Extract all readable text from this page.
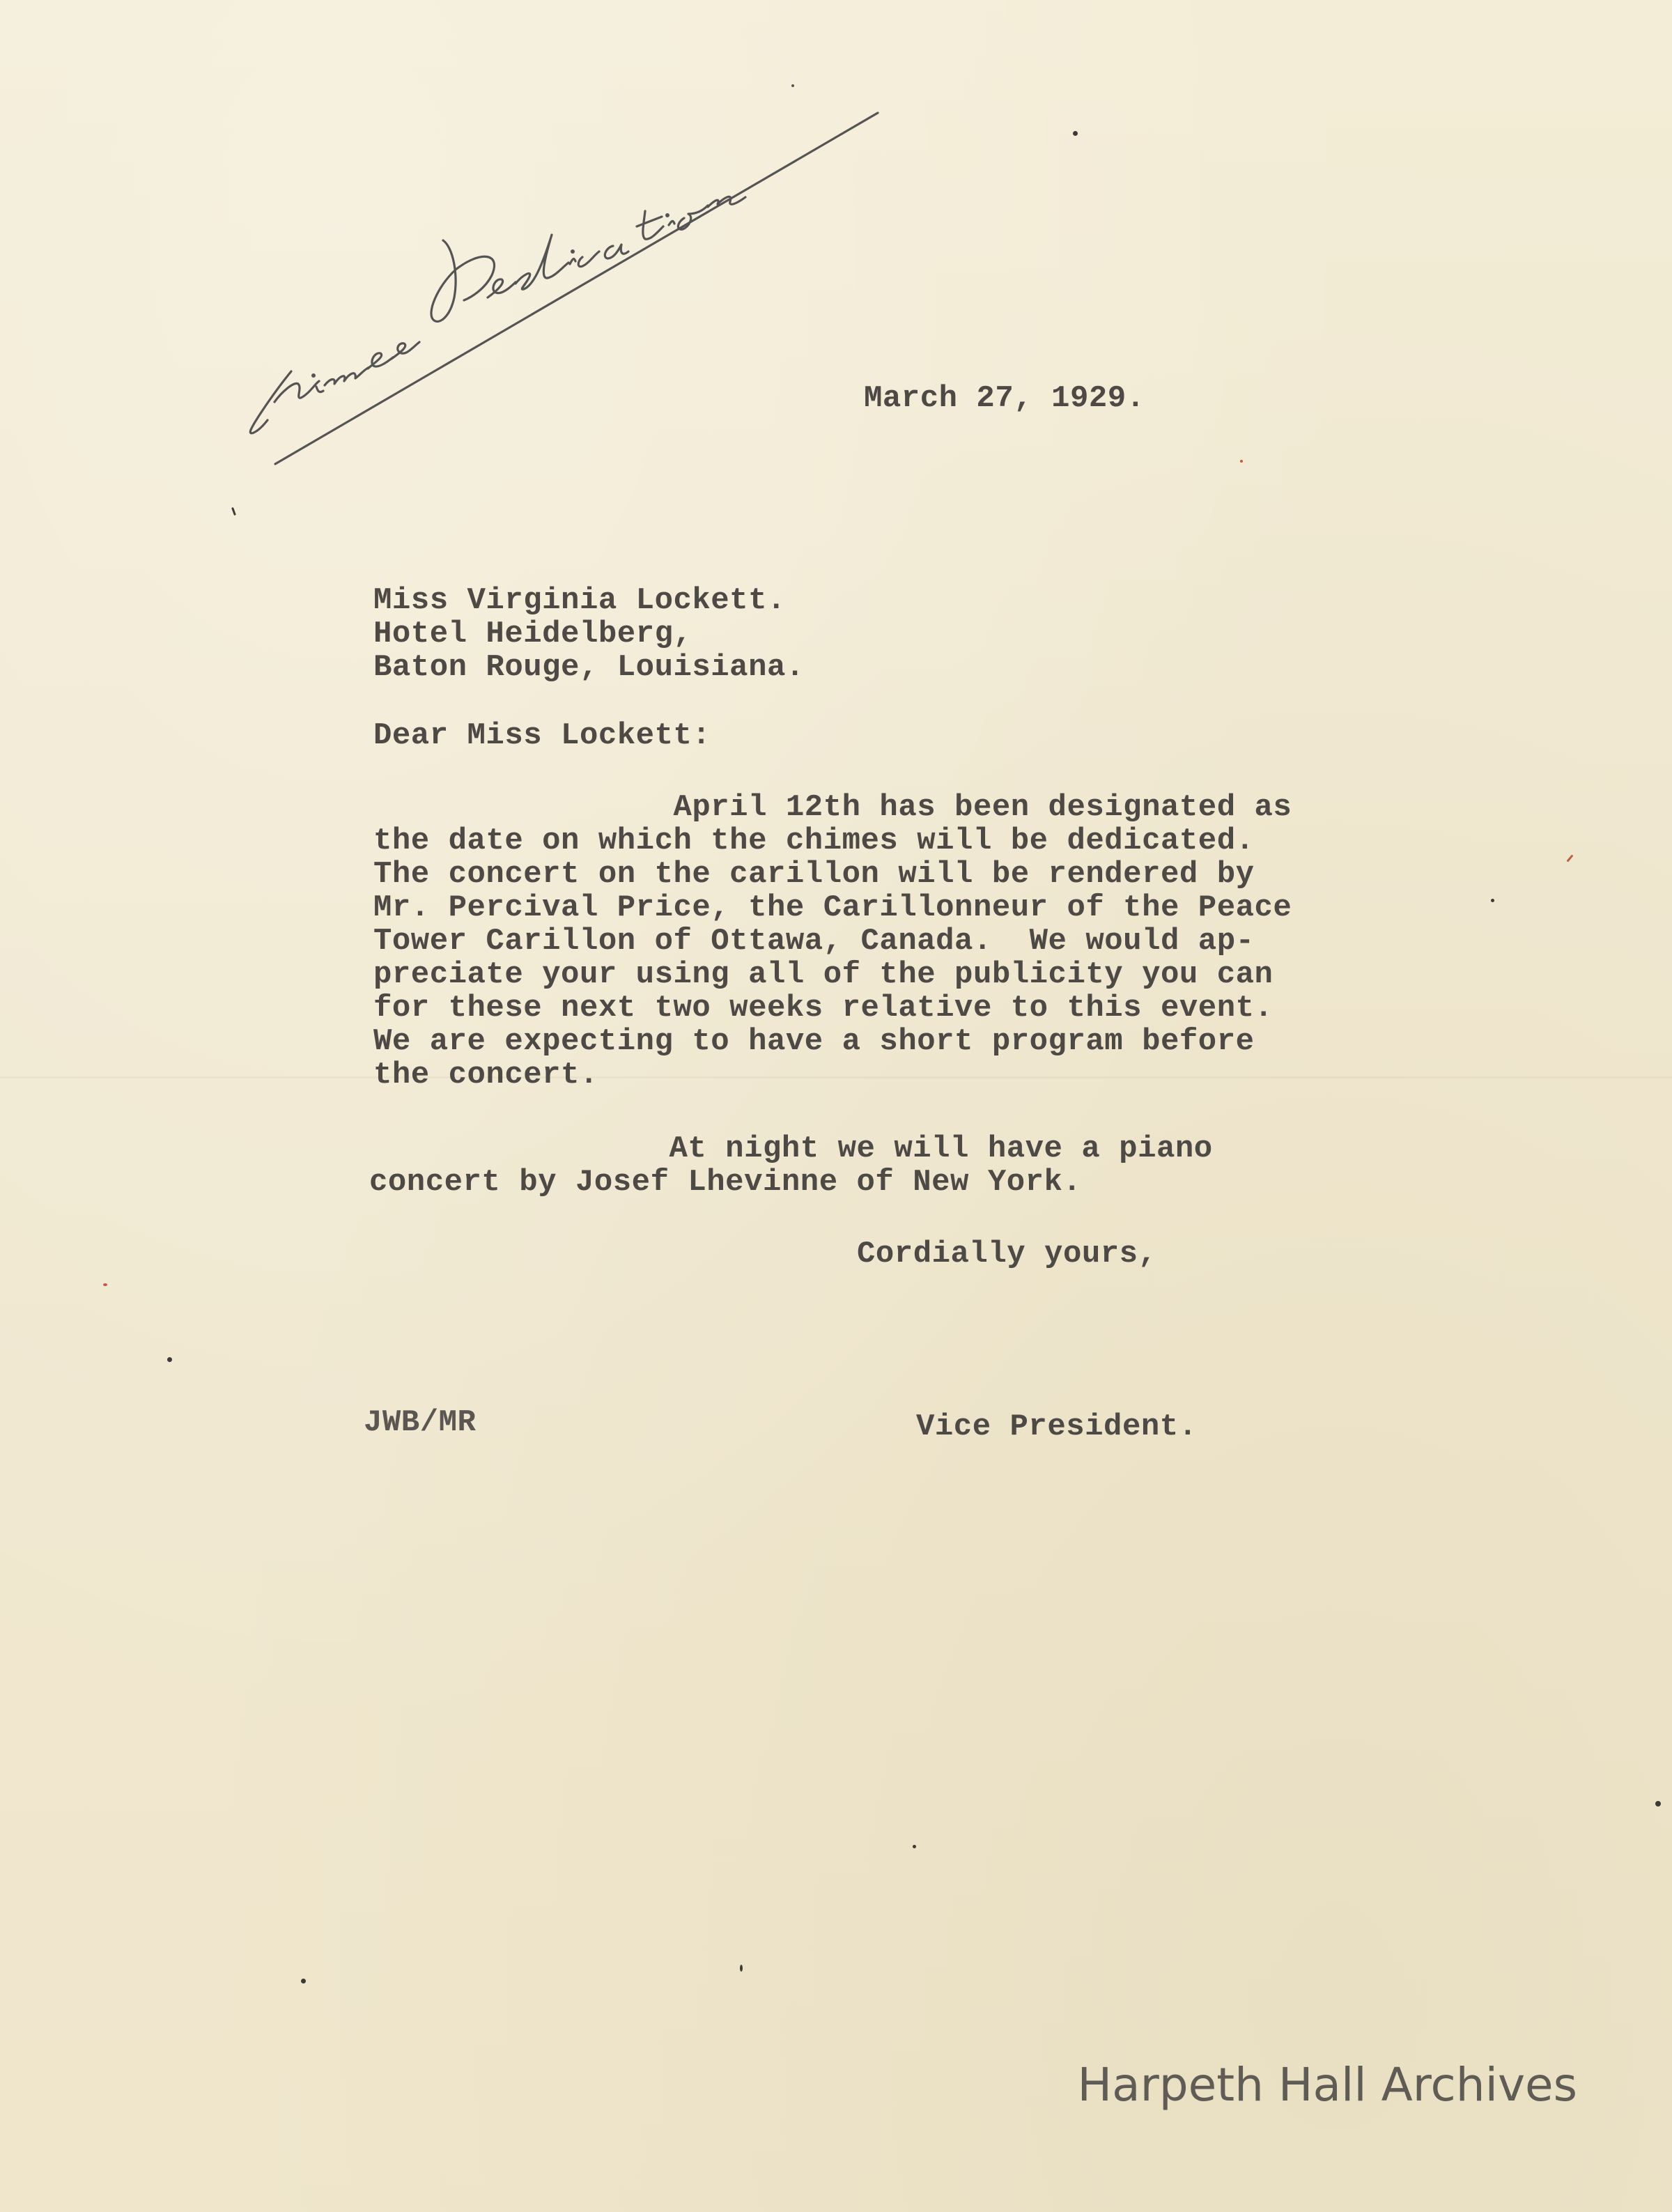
March 27, 1929.
Miss Virginia Lockett.
Hotel Heidelberg,
Baton Rouge, Louisiana.
Dear Miss Lockett:
April 12th has been designated as
the date on which the chimes will be dedicated.
The concert on the carillon will be rendered by
Mr. Percival Price, the Carillonneur of the Peace
Tower Carillon of Ottawa, Canada.  We would ap-
preciate your using all of the publicity you can
for these next two weeks relative to this event.
We are expecting to have a short program before
the concert.
At night we will have a piano
concert by Josef Lhevinne of New York.
Cordially yours,
JWB/MR	Vice President.
Harpeth Hall Archives
